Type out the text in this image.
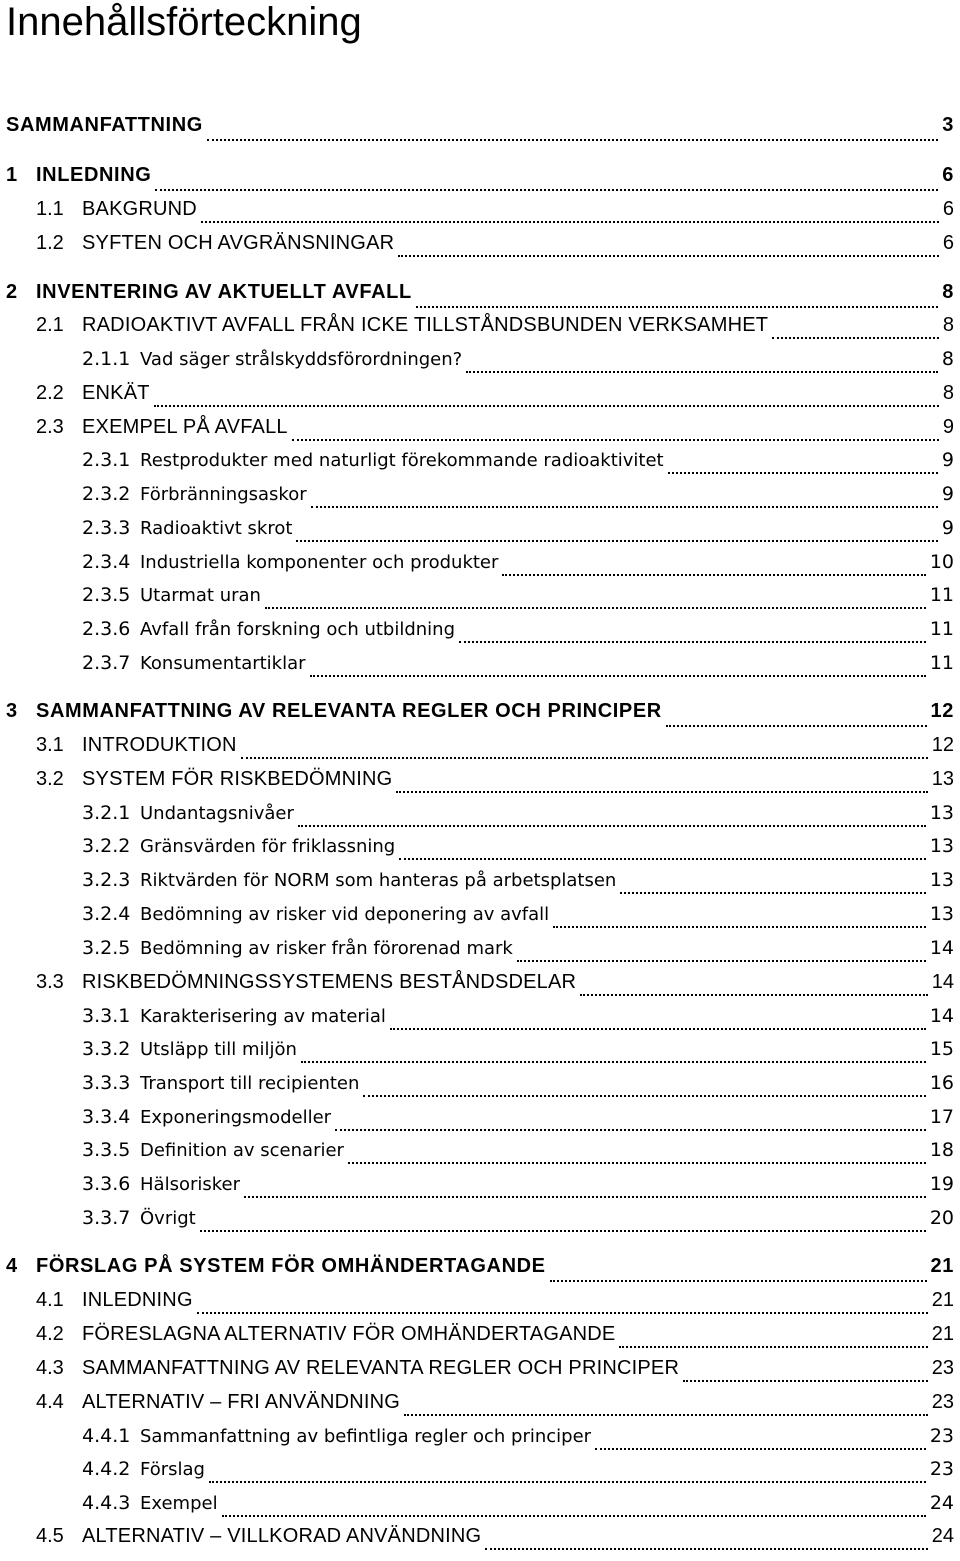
Innehållsförteckning
SAMMANFATTNING	3
1 INLEDNING	6
1.1 BAKGRUND	6
1.2 SYFTEN OCH AVGRÄNSNINGAR	6
2 INVENTERING AV AKTUELLT AVFALL	8
2.1 RADIOAKTIVT AVFALL FRÅN ICKE TILLSTÅNDSBUNDEN VERKSAMHET	8
2.1.1 Vad säger strålskyddsförordningen?	8
2.2 ENKÄT	8
2.3 EXEMPEL PÅ AVFALL	9
2.3.1 Restprodukter med naturligt förekommande radioaktivitet	9
2.3.2 Förbränningsaskor	9
2.3.3 Radioaktivt skrot	9
2.3.4 Industriella komponenter och produkter	10
2.3.5 Utarmat uran	11
2.3.6 Avfall från forskning och utbildning	11
2.3.7 Konsumentartiklar	11
3 SAMMANFATTNING AV RELEVANTA REGLER OCH PRINCIPER	12
3.1 INTRODUKTION	12
3.2 SYSTEM FÖR RISKBEDÖMNING	13
3.2.1 Undantagsnivåer	13
3.2.2 Gränsvärden för friklassning	13
3.2.3 Riktvärden för NORM som hanteras på arbetsplatsen	13
3.2.4 Bedömning av risker vid deponering av avfall	13
3.2.5 Bedömning av risker från förorenad mark	14
3.3 RISKBEDÖMNINGSSYSTEMENS BESTÅNDSDELAR	14
3.3.1 Karakterisering av material	14
3.3.2 Utsläpp till miljön	15
3.3.3 Transport till recipienten	16
3.3.4 Exponeringsmodeller	17
3.3.5 Definition av scenarier	18
3.3.6 Hälsorisker	19
3.3.7 Övrigt	20
4 FÖRSLAG PÅ SYSTEM FÖR OMHÄNDERTAGANDE	21
4.1 INLEDNING	21
4.2 FÖRESLAGNA ALTERNATIV FÖR OMHÄNDERTAGANDE	21
4.3 SAMMANFATTNING AV RELEVANTA REGLER OCH PRINCIPER	23
4.4 ALTERNATIV – FRI ANVÄNDNING	23
4.4.1 Sammanfattning av befintliga regler och principer	23
4.4.2 Förslag	23
4.4.3 Exempel	24
4.5 ALTERNATIV – VILLKORAD ANVÄNDNING	24
